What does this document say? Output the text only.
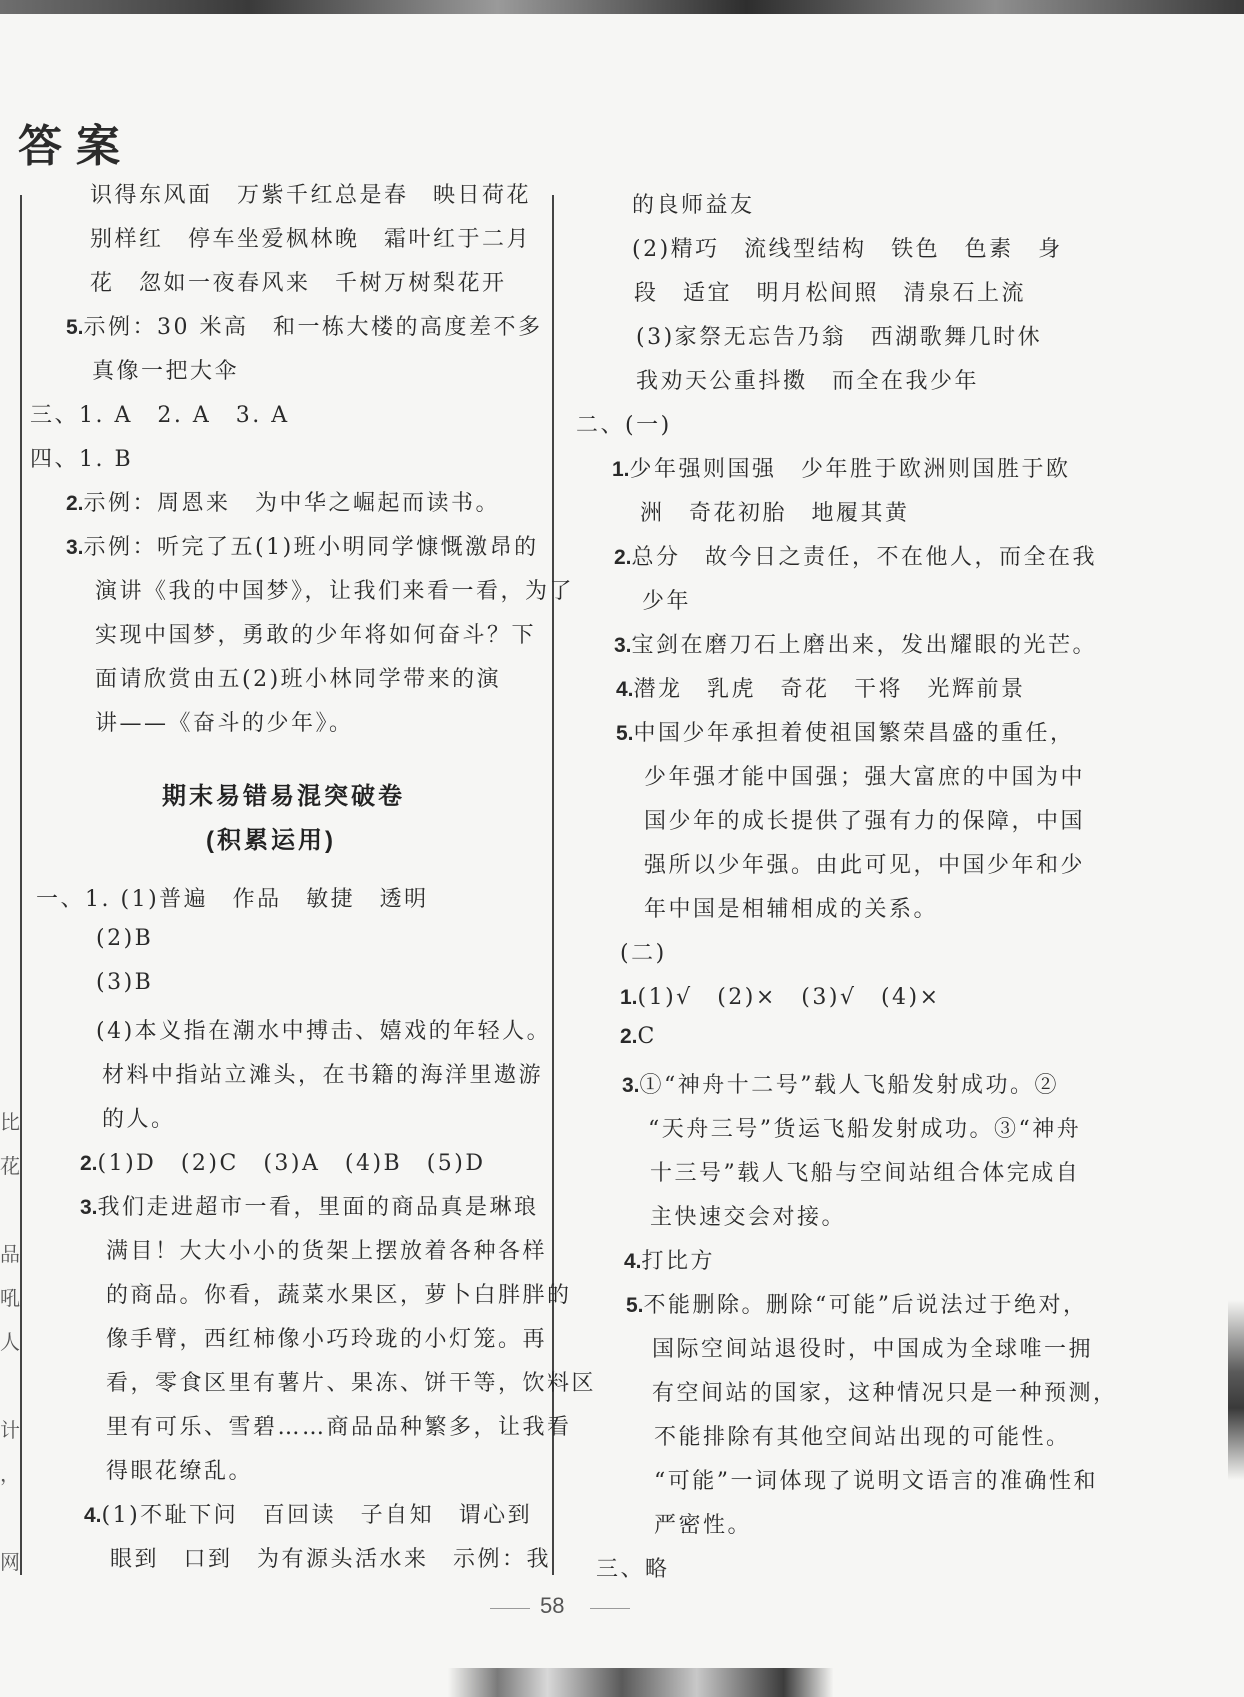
答案
比
花

品
吼
人

计
，

网
识得东风面　万紫千红总是春　映日荷花
别样红　停车坐爱枫林晚　霜叶红于二月
花　忽如一夜春风来　千树万树梨花开
5.示例：30 米高　和一栋大楼的高度差不多
真像一把大伞
三、1. A　2. A　3. A
四、1. B
2.示例：周恩来　为中华之崛起而读书。
3.示例：听完了五(1)班小明同学慷慨激昂的
演讲《我的中国梦》，让我们来看一看，为了
实现中国梦，勇敢的少年将如何奋斗？下
面请欣赏由五(2)班小林同学带来的演
讲——《奋斗的少年》。
一、1. (1)普遍　作品　敏捷　透明
(2)B
(3)B
(4)本义指在潮水中搏击、嬉戏的年轻人。
材料中指站立滩头，在书籍的海洋里遨游
的人。
2.(1)D　(2)C　(3)A　(4)B　(5)D
3.我们走进超市一看，里面的商品真是琳琅
满目！大大小小的货架上摆放着各种各样
的商品。你看，蔬菜水果区，萝卜白胖胖的
像手臂，西红柿像小巧玲珑的小灯笼。再
看，零食区里有薯片、果冻、饼干等，饮料区
里有可乐、雪碧……商品品种繁多，让我看
得眼花缭乱。
4.(1)不耻下问　百回读　子自知　谓心到
眼到　口到　为有源头活水来　示例：我
的良师益友
(2)精巧　流线型结构　铁色　色素　身
段　适宜　明月松间照　清泉石上流
(3)家祭无忘告乃翁　西湖歌舞几时休
我劝天公重抖擞　而全在我少年
二、(一)
1.少年强则国强　少年胜于欧洲则国胜于欧
洲　奇花初胎　地履其黄
2.总分　故今日之责任，不在他人，而全在我
少年
3.宝剑在磨刀石上磨出来，发出耀眼的光芒。
4.潜龙　乳虎　奇花　干将　光辉前景
5.中国少年承担着使祖国繁荣昌盛的重任，
少年强才能中国强；强大富庶的中国为中
国少年的成长提供了强有力的保障，中国
强所以少年强。由此可见，中国少年和少
年中国是相辅相成的关系。
(二)
1.(1)√　(2)×　(3)√　(4)×
2.C
3.①“神舟十二号”载人飞船发射成功。②
“天舟三号”货运飞船发射成功。③“神舟
十三号”载人飞船与空间站组合体完成自
主快速交会对接。
4.打比方
5.不能删除。删除“可能”后说法过于绝对，
国际空间站退役时，中国成为全球唯一拥
有空间站的国家，这种情况只是一种预测，
不能排除有其他空间站出现的可能性。
“可能”一词体现了说明文语言的准确性和
严密性。
三、略
期末易错易混突破卷
(积累运用)
58
